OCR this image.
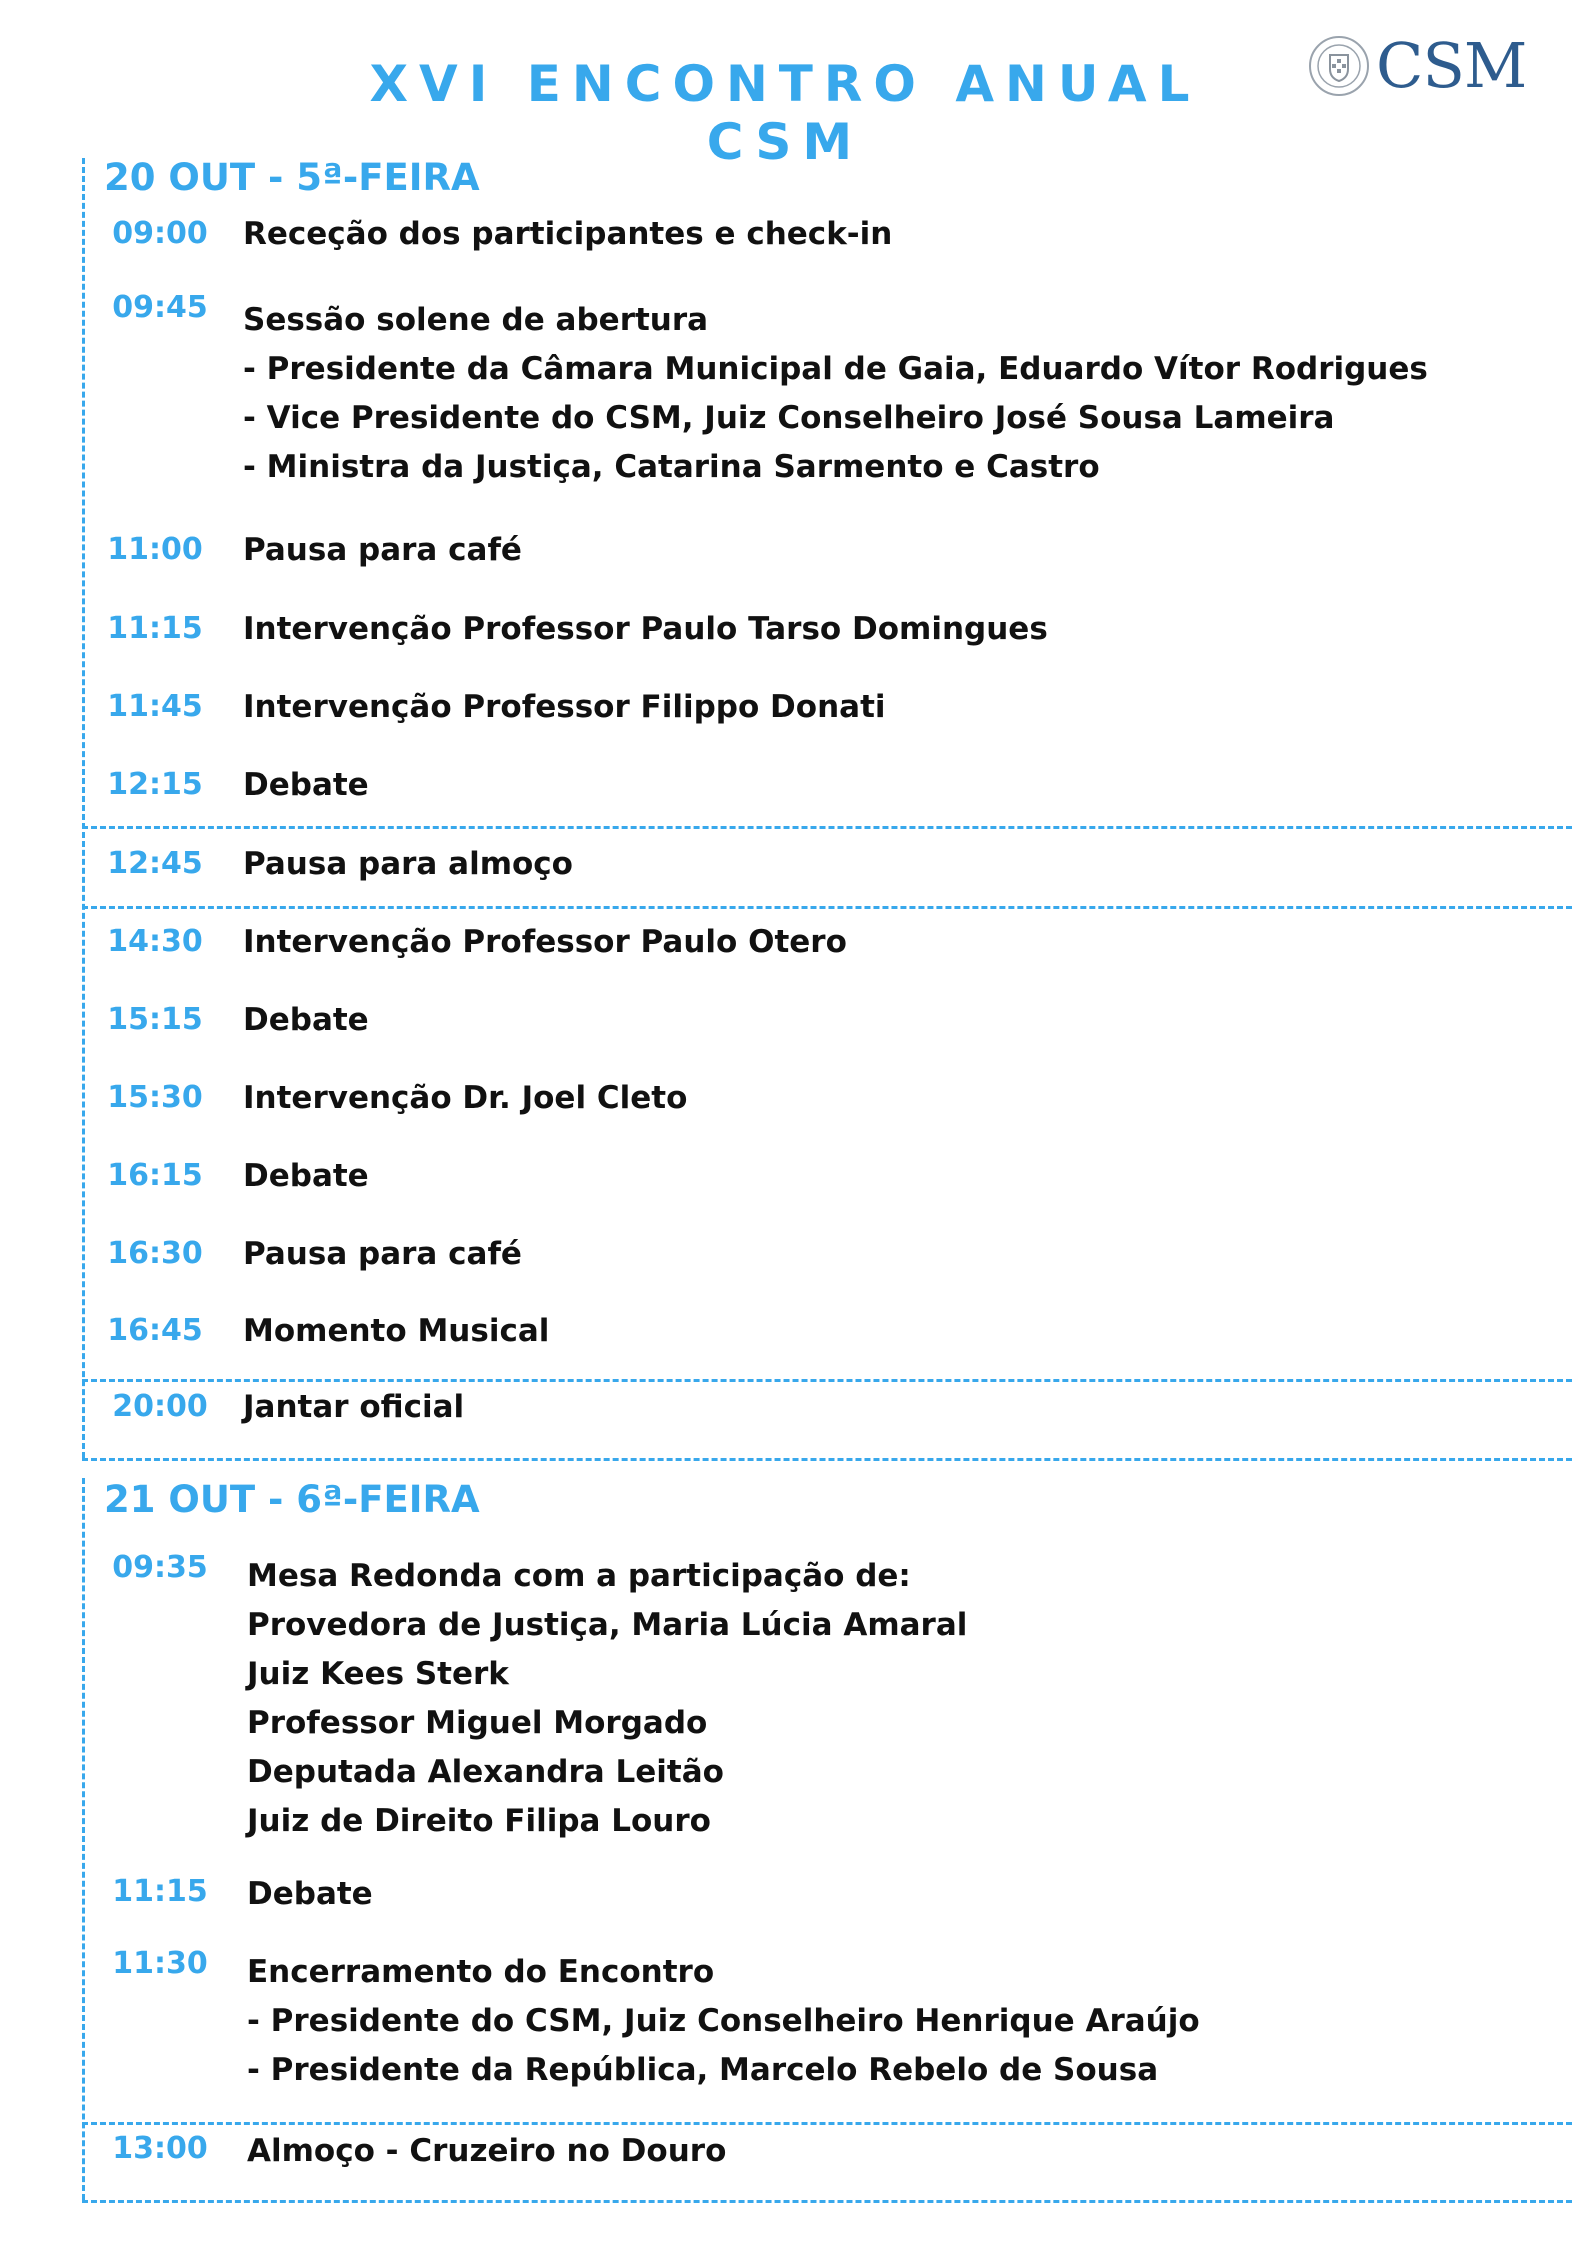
XVI ENCONTRO ANUAL CSM
CSM
20 OUT - 5ª-FEIRA
09:00	Receção dos participantes e check-in
09:45	Sessão solene de abertura
- Presidente da Câmara Municipal de Gaia, Eduardo Vítor Rodrigues
- Vice Presidente do CSM, Juiz Conselheiro José Sousa Lameira
- Ministra da Justiça, Catarina Sarmento e Castro
11:00	Pausa para café
11:15	Intervenção Professor Paulo Tarso Domingues
11:45	Intervenção Professor Filippo Donati
12:15	Debate
12:45	Pausa para almoço
14:30	Intervenção Professor Paulo Otero
15:15	Debate
15:30	Intervenção Dr. Joel Cleto
16:15	Debate
16:30	Pausa para café
16:45	Momento Musical
20:00	Jantar oficial
21 OUT - 6ª-FEIRA
09:35	Mesa Redonda com a participação de:
Provedora de Justiça, Maria Lúcia Amaral
Juiz Kees Sterk
Professor Miguel Morgado
Deputada Alexandra Leitão
Juiz de Direito Filipa Louro
11:15	Debate
11:30	Encerramento do Encontro
- Presidente do CSM, Juiz Conselheiro Henrique Araújo
- Presidente da República, Marcelo Rebelo de Sousa
13:00	Almoço - Cruzeiro no Douro
